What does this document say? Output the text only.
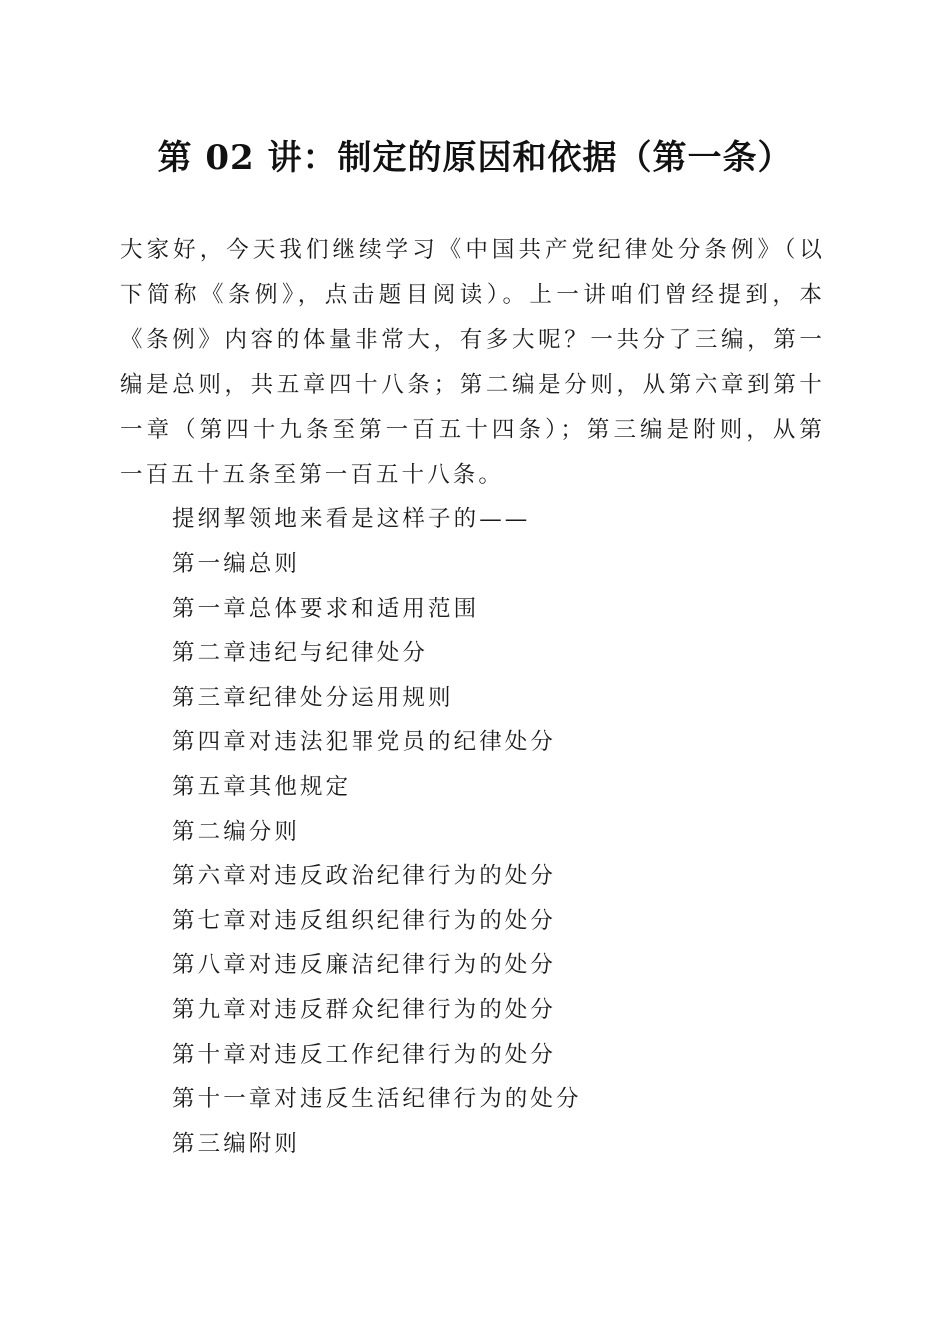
第 02 讲：制定的原因和依据（第一条）

大家好，今天我们继续学习《中国共产党纪律处分条例》（以下简称《条例》，点击题目阅读）。上一讲咱们曾经提到，本《条例》内容的体量非常大，有多大呢？一共分了三编，第一编是总则，共五章四十八条；第二编是分则，从第六章到第十一章（第四十九条至第一百五十四条）；第三编是附则，从第一百五十五条至第一百五十八条。

提纲挈领地来看是这样子的——

第一编总则
第一章总体要求和适用范围
第二章违纪与纪律处分
第三章纪律处分运用规则
第四章对违法犯罪党员的纪律处分
第五章其他规定
第二编分则
第六章对违反政治纪律行为的处分
第七章对违反组织纪律行为的处分
第八章对违反廉洁纪律行为的处分
第九章对违反群众纪律行为的处分
第十章对违反工作纪律行为的处分
第十一章对违反生活纪律行为的处分
第三编附则
